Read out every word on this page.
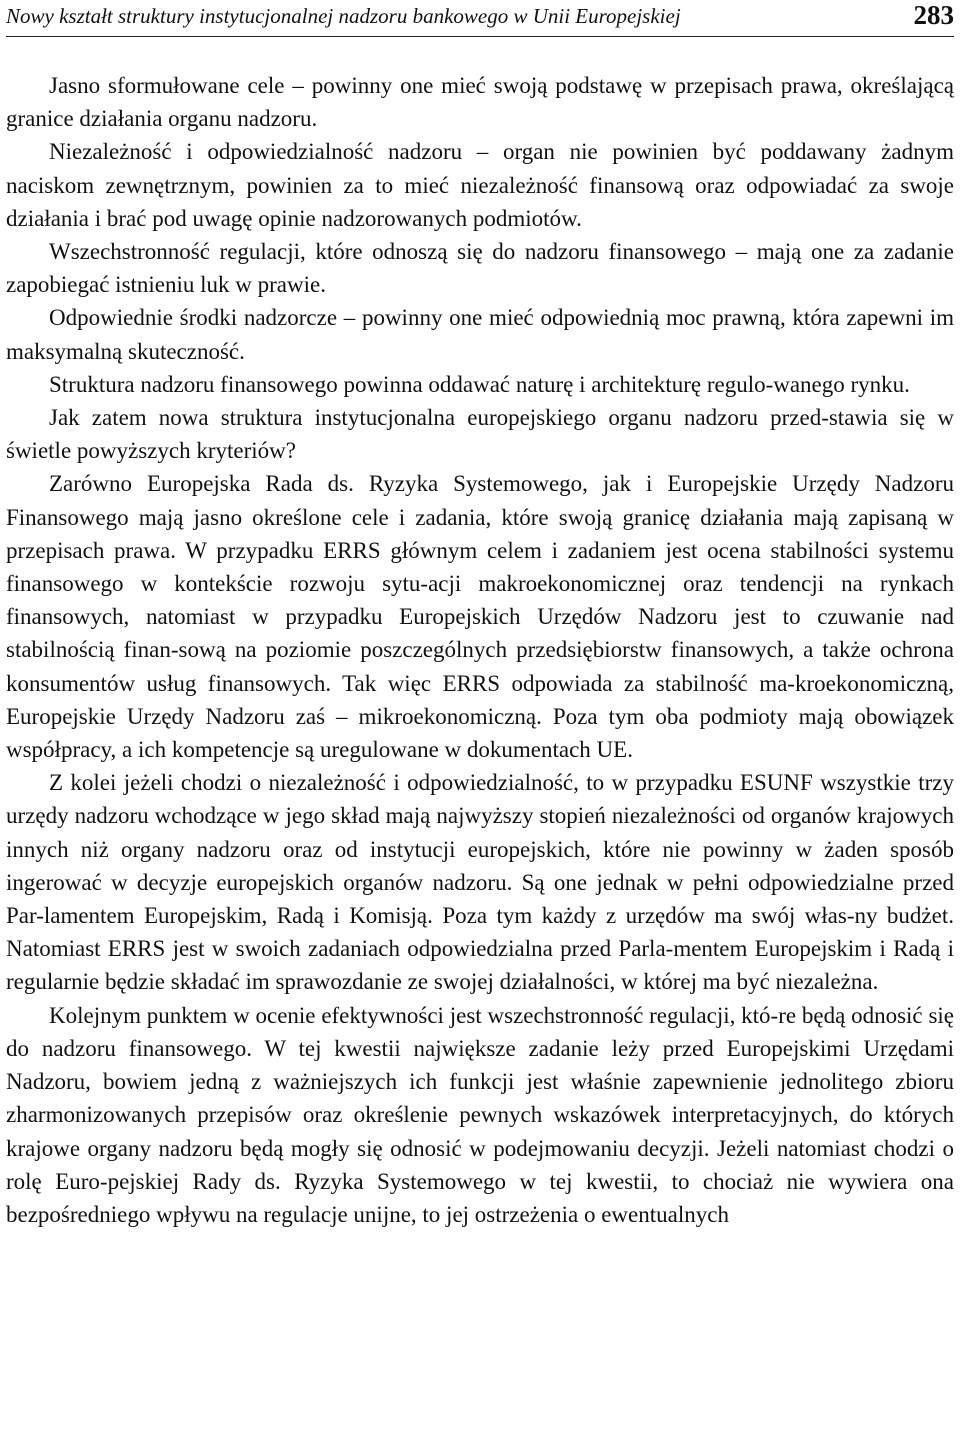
Nowy kształt struktury instytucjonalnej nadzoru bankowego w Unii Europejskiej	283

Jasno sformułowane cele – powinny one mieć swoją podstawę w przepisach prawa, określającą granice działania organu nadzoru.

Niezależność i odpowiedzialność nadzoru – organ nie powinien być poddawany żadnym naciskom zewnętrznym, powinien za to mieć niezależność finansową oraz odpowiadać za swoje działania i brać pod uwagę opinie nadzorowanych podmiotów.

Wszechstronność regulacji, które odnoszą się do nadzoru finansowego – mają one za zadanie zapobiegać istnieniu luk w prawie.

Odpowiednie środki nadzorcze – powinny one mieć odpowiednią moc prawną, która zapewni im maksymalną skuteczność.

Struktura nadzoru finansowego powinna oddawać naturę i architekturę regulo-wanego rynku.

Jak zatem nowa struktura instytucjonalna europejskiego organu nadzoru przed-stawia się w świetle powyższych kryteriów?

Zarówno Europejska Rada ds. Ryzyka Systemowego, jak i Europejskie Urzędy Nadzoru Finansowego mają jasno określone cele i zadania, które swoją granicę działania mają zapisaną w przepisach prawa. W przypadku ERRS głównym celem i zadaniem jest ocena stabilności systemu finansowego w kontekście rozwoju sytu-acji makroekonomicznej oraz tendencji na rynkach finansowych, natomiast w przypadku Europejskich Urzędów Nadzoru jest to czuwanie nad stabilnością finan-sową na poziomie poszczególnych przedsiębiorstw finansowych, a także ochrona konsumentów usług finansowych. Tak więc ERRS odpowiada za stabilność ma-kroekonomiczną, Europejskie Urzędy Nadzoru zaś – mikroekonomiczną. Poza tym oba podmioty mają obowiązek współpracy, a ich kompetencje są uregulowane w dokumentach UE.

Z kolei jeżeli chodzi o niezależność i odpowiedzialność, to w przypadku ESUNF wszystkie trzy urzędy nadzoru wchodzące w jego skład mają najwyższy stopień niezależności od organów krajowych innych niż organy nadzoru oraz od instytucji europejskich, które nie powinny w żaden sposób ingerować w decyzje europejskich organów nadzoru. Są one jednak w pełni odpowiedzialne przed Par-lamentem Europejskim, Radą i Komisją. Poza tym każdy z urzędów ma swój włas-ny budżet. Natomiast ERRS jest w swoich zadaniach odpowiedzialna przed Parla-mentem Europejskim i Radą i regularnie będzie składać im sprawozdanie ze swojej działalności, w której ma być niezależna.

Kolejnym punktem w ocenie efektywności jest wszechstronność regulacji, któ-re będą odnosić się do nadzoru finansowego. W tej kwestii największe zadanie leży przed Europejskimi Urzędami Nadzoru, bowiem jedną z ważniejszych ich funkcji jest właśnie zapewnienie jednolitego zbioru zharmonizowanych przepisów oraz określenie pewnych wskazówek interpretacyjnych, do których krajowe organy nadzoru będą mogły się odnosić w podejmowaniu decyzji. Jeżeli natomiast chodzi o rolę Euro-pejskiej Rady ds. Ryzyka Systemowego w tej kwestii, to chociaż nie wywiera ona bezpośredniego wpływu na regulacje unijne, to jej ostrzeżenia o ewentualnych
